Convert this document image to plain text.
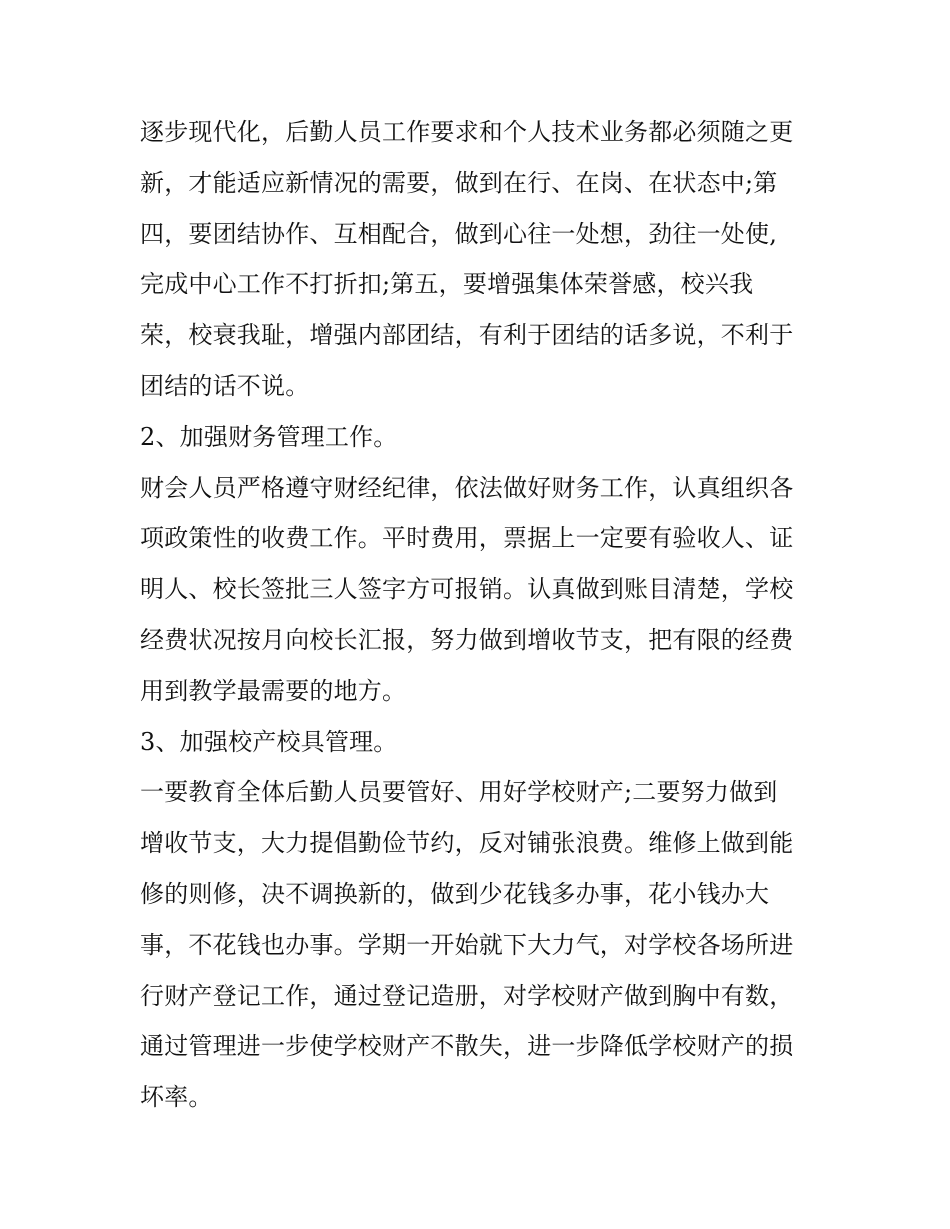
逐步现代化，后勤人员工作要求和个人技术业务都必须随之更
新，才能适应新情况的需要，做到在行、在岗、在状态中;第
四，要团结协作、互相配合，做到心往一处想，劲往一处使,
完成中心工作不打折扣;第五，要增强集体荣誉感，校兴我
荣，校衰我耻，增强内部团结，有利于团结的话多说，不利于
团结的话不说。
2、加强财务管理工作。
财会人员严格遵守财经纪律，依法做好财务工作，认真组织各
项政策性的收费工作。平时费用，票据上一定要有验收人、证
明人、校长签批三人签字方可报销。认真做到账目清楚，学校
经费状况按月向校长汇报，努力做到增收节支，把有限的经费
用到教学最需要的地方。
3、加强校产校具管理。
一要教育全体后勤人员要管好、用好学校财产;二要努力做到
增收节支，大力提倡勤俭节约，反对铺张浪费。维修上做到能
修的则修，决不调换新的，做到少花钱多办事，花小钱办大
事，不花钱也办事。学期一开始就下大力气，对学校各场所进
行财产登记工作，通过登记造册，对学校财产做到胸中有数，
通过管理进一步使学校财产不散失，进一步降低学校财产的损
坏率。
